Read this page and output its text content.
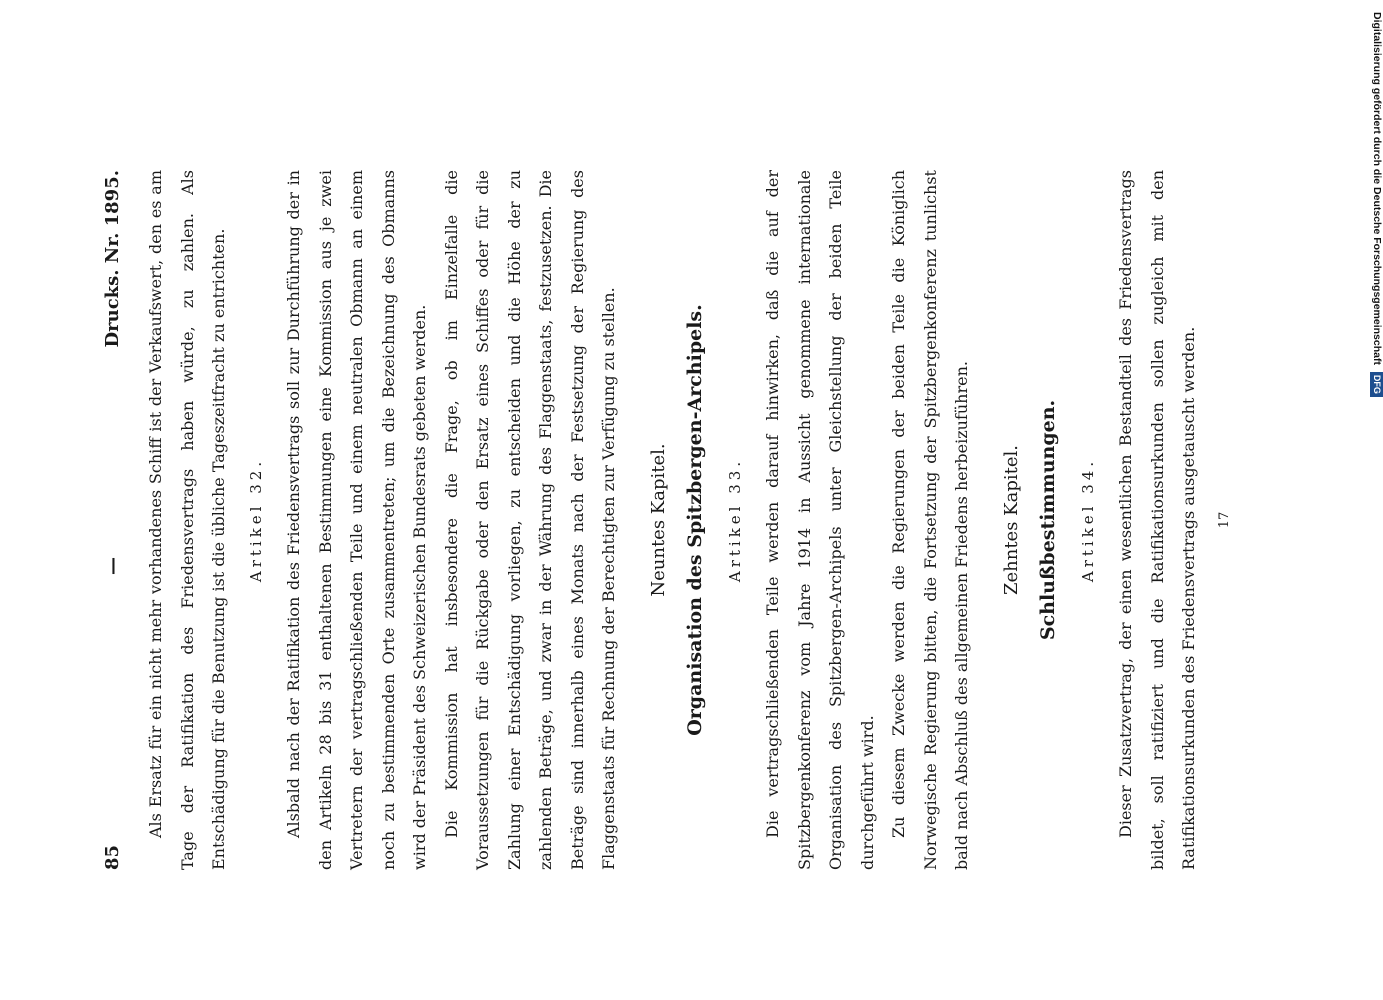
85
—
Drucks. Nr. 1895.	Als Ersatz für ein nicht mehr vorhandenes Schiff ist der Verkaufswert, den es am Tage der Ratifikation des Friedensvertrags haben würde, zu zahlen. Als Entschädigung für die Benutzung ist die übliche Tageszeitfracht zu entrichten.	Artikel 32.	Alsbald nach der Ratifikation des Friedensvertrags soll zur Durchführung der in den Artikeln 28 bis 31 enthaltenen Bestimmungen eine Kommission aus je zwei Vertretern der vertragschließenden Teile und einem neutralen Obmann an einem noch zu bestimmenden Orte zusammentreten; um die Bezeichnung des Obmanns wird der Präsident des Schweizerischen Bundesrats gebeten werden. Die Kommission hat insbesondere die Frage, ob im Einzelfalle die Voraussetzungen für die Rückgabe oder den Ersatz eines Schiffes oder für die Zahlung einer Entschädigung vorliegen, zu entscheiden und die Höhe der zu zahlenden Beträge, und zwar in der Währung des Flaggenstaats, festzusetzen. Die Beträge sind innerhalb eines Monats nach der Festsetzung der Regierung des Flaggenstaats für Rechnung der Berechtigten zur Verfügung zu stellen.	Neuntes Kapitel. Organisation des Spitzbergen-Archipels.	Artikel 33.	Die vertragschließenden Teile werden darauf hinwirken, daß die auf der Spitzbergenkonferenz vom Jahre 1914 in Aussicht genommene internationale Organisation des Spitzbergen-Archipels unter Gleichstellung der beiden Teile durchgeführt wird. Zu diesem Zwecke werden die Regierungen der beiden Teile die Königlich Norwegische Regierung bitten, die Fortsetzung der Spitzbergenkonferenz tunlichst bald nach Abschluß des allgemeinen Friedens herbeizuführen.	Zehntes Kapitel. Schlußbestimmungen.	Artikel 34.	Dieser Zusatzvertrag, der einen wesentlichen Bestandteil des Friedensvertrags bildet, soll ratifiziert und die Ratifikationsurkunden sollen zugleich mit den Ratifikationsurkunden des Friedensvertrags ausgetauscht werden.	17
Digitalisierung gefördert durch die Deutsche Forschungsgemeinschaft DFG
